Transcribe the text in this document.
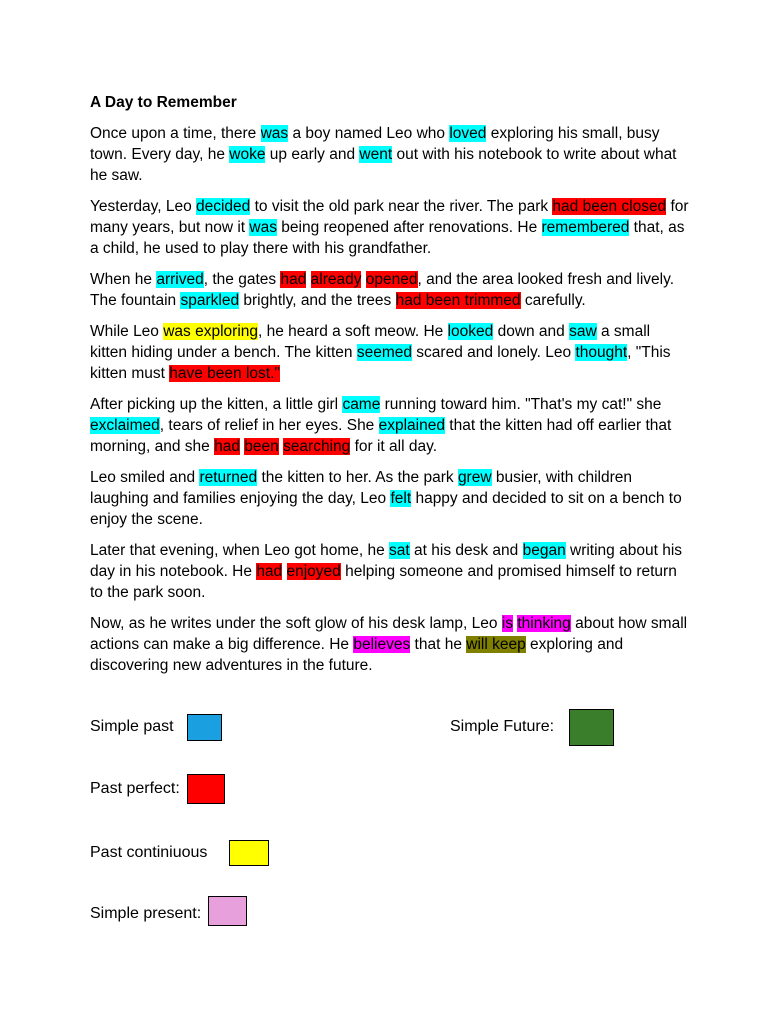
A Day to Remember

Once upon a time, there was a boy named Leo who loved exploring his small, busy town. Every day, he woke up early and went out with his notebook to write about what he saw.

Yesterday, Leo decided to visit the old park near the river. The park had been closed for many years, but now it was being reopened after renovations. He remembered that, as a child, he used to play there with his grandfather.

When he arrived, the gates had already opened, and the area looked fresh and lively. The fountain sparkled brightly, and the trees had been trimmed carefully.

While Leo was exploring, he heard a soft meow. He looked down and saw a small kitten hiding under a bench. The kitten seemed scared and lonely. Leo thought, "This kitten must have been lost."

After picking up the kitten, a little girl came running toward him. "That's my cat!" she exclaimed, tears of relief in her eyes. She explained that the kitten had off earlier that morning, and she had been searching for it all day.

Leo smiled and returned the kitten to her. As the park grew busier, with children laughing and families enjoying the day, Leo felt happy and decided to sit on a bench to enjoy the scene.

Later that evening, when Leo got home, he sat at his desk and began writing about his day in his notebook. He had enjoyed helping someone and promised himself to return to the park soon.

Now, as he writes under the soft glow of his desk lamp, Leo is thinking about how small actions can make a big difference. He believes that he will keep exploring and discovering new adventures in the future.

Simple past	Simple Future:
Past perfect:
Past continiuous
Simple present:
